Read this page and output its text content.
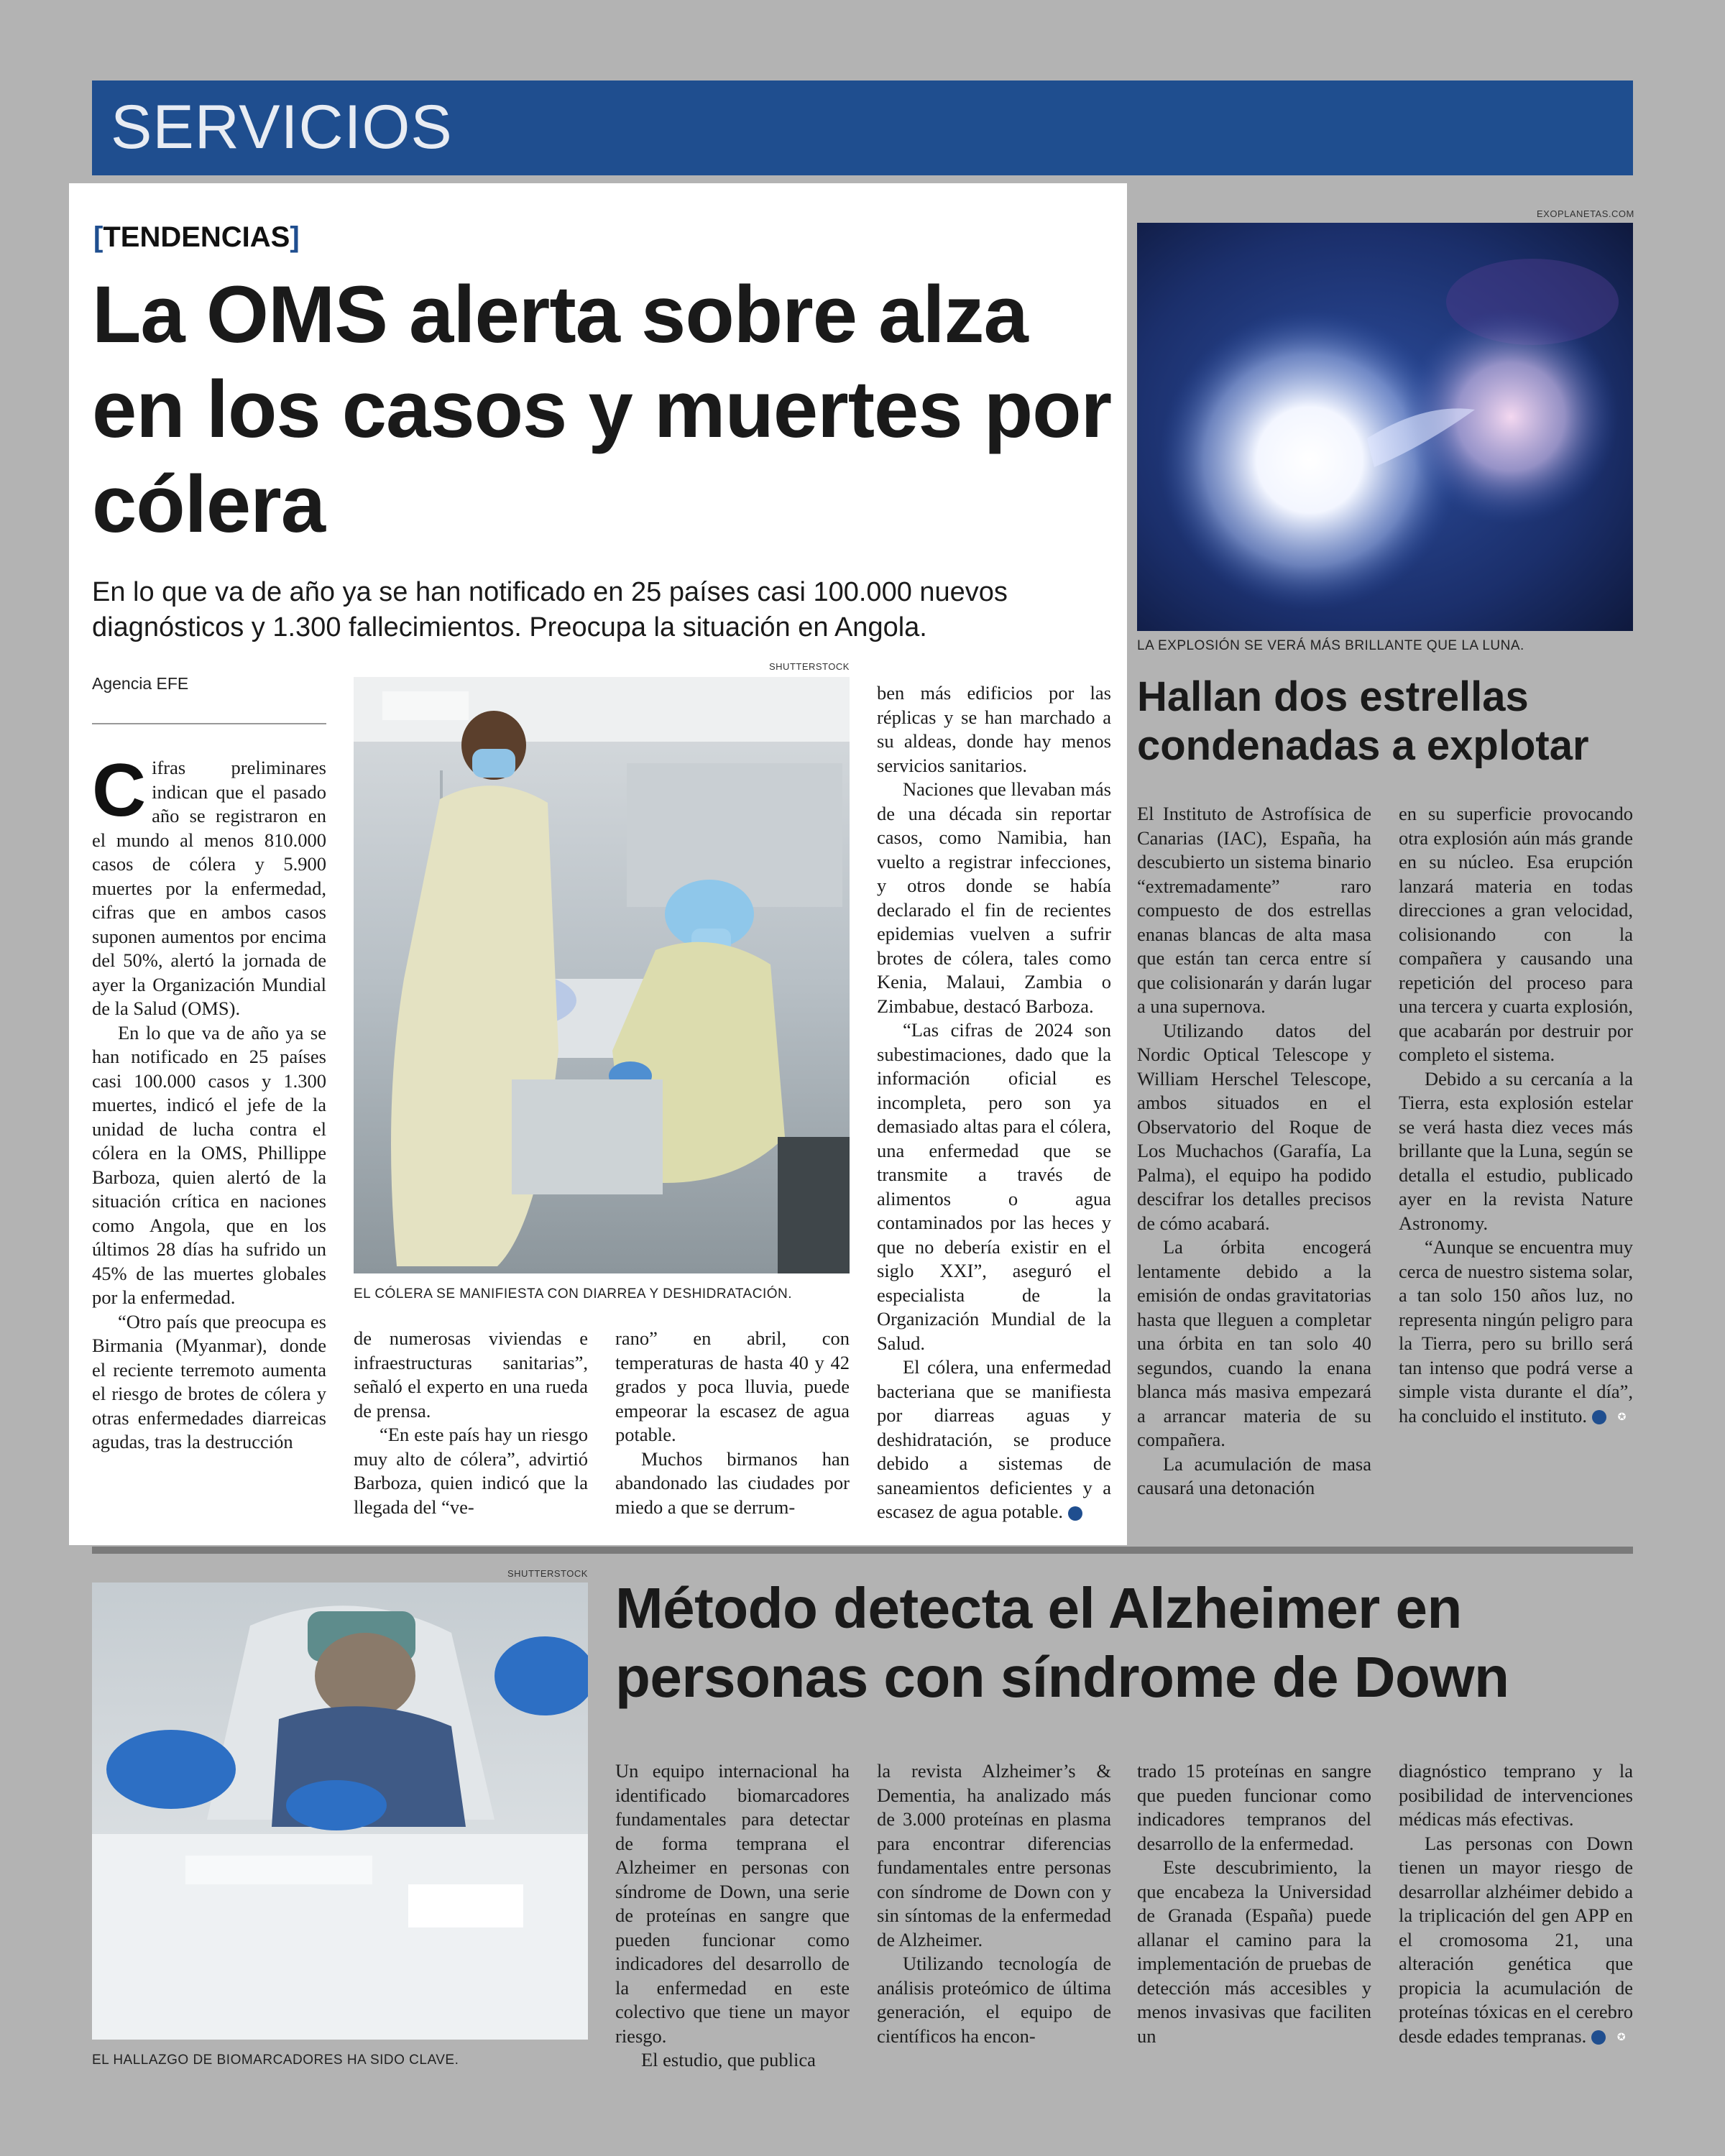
SERVICIOS
[TENDENCIAS]
La OMS alerta sobre alza en los casos y muertes por cólera

En lo que va de año ya se han notificado en 25 países casi 100.000 nuevos diagnósticos y 1.300 fallecimientos. Preocupa la situación en Angola.

Agencia EFE
SHUTTERSTOCK
EL CÓLERA SE MANIFIESTA CON DIARREA Y DESHIDRATACIÓN.

Cifras preliminares indican que el pasado año se registraron en el mundo al menos 810.000 casos de cólera y 5.900 muertes por la enfermedad, cifras que en ambos casos suponen aumentos por encima del 50%, alertó la jornada de ayer la Organización Mundial de la Salud (OMS).

En lo que va de año ya se han notificado en 25 países casi 100.000 casos y 1.300 muertes, indicó el jefe de la unidad de lucha contra el cólera en la OMS, Phillippe Barboza, quien alertó de la situación crítica en naciones como Angola, que en los últimos 28 días ha sufrido un 45% de las muertes globales por la enfermedad.

“Otro país que preocupa es Birmania (Myanmar), donde el reciente terremoto aumenta el riesgo de brotes de cólera y otras enfermedades diarreicas agudas, tras la destrucción

de numerosas viviendas e infraestructuras sanitarias”, señaló el experto en una rueda de prensa.

“En este país hay un riesgo muy alto de cólera”, advirtió Barboza, quien indicó que la llegada del “ve-

rano” en abril, con temperaturas de hasta 40 y 42 grados y poca lluvia, puede empeorar la escasez de agua potable.

Muchos birmanos han abandonado las ciudades por miedo a que se derrum-

ben más edificios por las réplicas y se han marchado a su aldeas, donde hay menos servicios sanitarios.

Naciones que llevaban más de una década sin reportar casos, como Namibia, han vuelto a registrar infecciones, y otros donde se había declarado el fin de recientes epidemias vuelven a sufrir brotes de cólera, tales como Kenia, Malaui, Zambia o Zimbabue, destacó Barboza.

“Las cifras de 2024 son subestimaciones, dado que la información oficial es incompleta, pero son ya demasiado altas para el cólera, una enfermedad que se transmite a través de alimentos o agua contaminados por las heces y que no debería existir en el siglo XXI”, aseguró el especialista de la Organización Mundial de la Salud.

El cólera, una enfermedad bacteriana que se manifiesta por diarreas aguas y deshidratación, se produce debido a sistemas de saneamientos deficientes y a escasez de agua potable.	✪

EXOPLANETAS.COM
LA EXPLOSIÓN SE VERÁ MÁS BRILLANTE QUE LA LUNA.
Hallan dos estrellas condenadas a explotar

El Instituto de Astrofísica de Canarias (IAC), España, ha descubierto un sistema binario “extremadamente” raro compuesto de dos estrellas enanas blancas de alta masa que están tan cerca entre sí que colisionarán y darán lugar a una supernova.

Utilizando datos del Nordic Optical Telescope y William Herschel Telescope, ambos situados en el Observatorio del Roque de Los Muchachos (Garafía, La Palma), el equipo ha podido descifrar los detalles precisos de cómo acabará.

La órbita encogerá lentamente debido a la emisión de ondas gravitatorias hasta que lleguen a completar una órbita en tan solo 40 segundos, cuando la enana blanca más masiva empezará a arrancar materia de su compañera.

La acumulación de masa causará una detonación

en su superficie provocando otra explosión aún más grande en su núcleo. Esa erupción lanzará materia en todas direcciones a gran velocidad, colisionando con la compañera y causando una repetición del proceso para una tercera y cuarta explosión, que acabarán por destruir por completo el sistema.

Debido a su cercanía a la Tierra, esta explosión estelar se verá hasta diez veces más brillante que la Luna, según se detalla el estudio, publicado ayer en la revista Nature Astronomy.

“Aunque se encuentra muy cerca de nuestro sistema solar, a tan solo 150 años luz, no representa ningún peligro para la Tierra, pero su brillo será tan intenso que podrá verse a simple vista durante el día”, ha concluido el instituto.	✪

SHUTTERSTOCK
EL HALLAZGO DE BIOMARCADORES HA SIDO CLAVE.
Método detecta el Alzheimer en personas con síndrome de Down

Un equipo internacional ha identificado biomarcadores fundamentales para detectar de forma temprana el Alzheimer en personas con síndrome de Down, una serie de proteínas en sangre que pueden funcionar como indicadores del desarrollo de la enfermedad en este colectivo que tiene un mayor riesgo.

El estudio, que publica

la revista Alzheimer’s & Dementia, ha analizado más de 3.000 proteínas en plasma para encontrar diferencias fundamentales entre personas con síndrome de Down con y sin síntomas de la enfermedad de Alzheimer.

Utilizando tecnología de análisis proteómico de última generación, el equipo de científicos ha encon-

trado 15 proteínas en sangre que pueden funcionar como indicadores tempranos del desarrollo de la enfermedad.

Este descubrimiento, la que encabeza la Universidad de Granada (España) puede allanar el camino para la implementación de pruebas de detección más accesibles y menos invasivas que faciliten un

diagnóstico temprano y la posibilidad de intervenciones médicas más efectivas.

Las personas con Down tienen un mayor riesgo de desarrollar alzhéimer debido a la triplicación del gen APP en el cromosoma 21, una alteración genética que propicia la acumulación de proteínas tóxicas en el cerebro desde edades tempranas.	✪
